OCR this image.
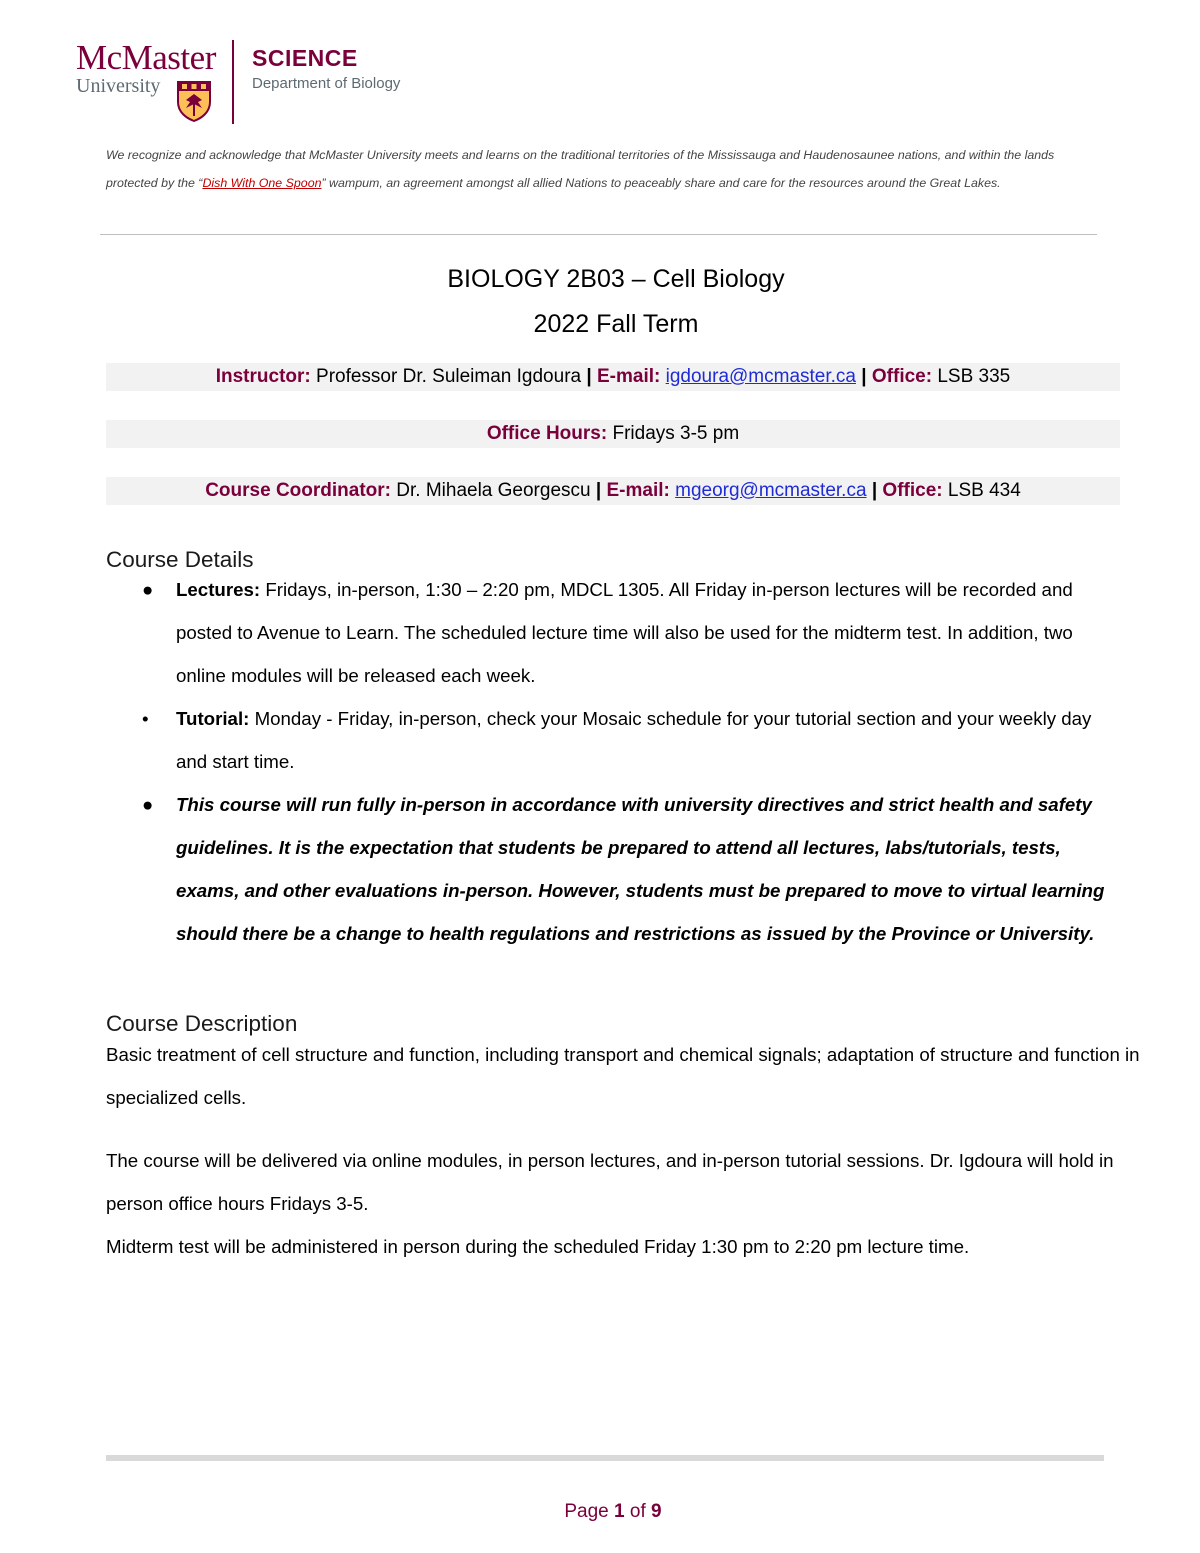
McMaster
University
SCIENCE
Department of Biology

We recognize and acknowledge that McMaster University meets and learns on the traditional territories of the Mississauga and Haudenosaunee nations, and within the lands protected by the “Dish With One Spoon” wampum, an agreement amongst all allied Nations to peaceably share and care for the resources around the Great Lakes.

BIOLOGY 2B03 – Cell Biology
2022 Fall Term
Instructor: Professor Dr. Suleiman Igdoura | E-mail: igdoura@mcmaster.ca | Office: LSB 335
Office Hours: Fridays 3-5 pm
Course Coordinator: Dr. Mihaela Georgescu | E-mail: mgeorg@mcmaster.ca | Office: LSB 434
Course Details
● Lectures: Fridays, in-person, 1:30 – 2:20 pm, MDCL 1305. All Friday in-person lectures will be recorded and posted to Avenue to Learn. The scheduled lecture time will also be used for the midterm test. In addition, two online modules will be released each week.
• Tutorial: Monday - Friday, in-person, check your Mosaic schedule for your tutorial section and your weekly day and start time.
● This course will run fully in-person in accordance with university directives and strict health and safety guidelines. It is the expectation that students be prepared to attend all lectures, labs/tutorials, tests, exams, and other evaluations in-person. However, students must be prepared to move to virtual learning should there be a change to health regulations and restrictions as issued by the Province or University.
Course Description

Basic treatment of cell structure and function, including transport and chemical signals; adaptation of structure and function in specialized cells.

The course will be delivered via online modules, in person lectures, and in-person tutorial sessions. Dr. Igdoura will hold in person office hours Fridays 3-5.

Midterm test will be administered in person during the scheduled Friday 1:30 pm to 2:20 pm lecture time.

Page 1 of 9
